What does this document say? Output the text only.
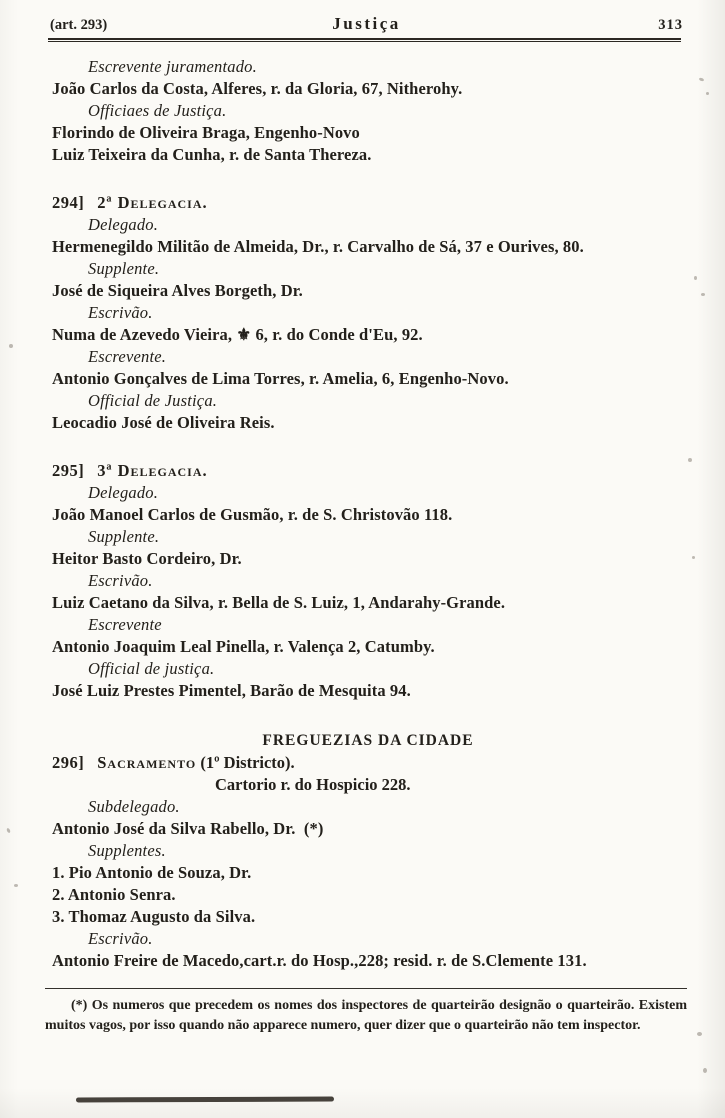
(art. 293)	Justiça	313
Escrevente juramentado.
João Carlos da Costa, Alferes, r. da Gloria, 67, Nitherohy.
Officiaes de Justiça.
Florindo de Oliveira Braga, Engenho-Novo
Luiz Teixeira da Cunha, r. de Santa Thereza.
294] 2ª Delegacia.
Delegado.
Hermenegildo Militão de Almeida, Dr., r. Carvalho de Sá, 37 e Ourives, 80.
Supplente.
José de Siqueira Alves Borgeth, Dr.
Escrivão.
Numa de Azevedo Vieira, ⚜ 6, r. do Conde d'Eu, 92.
Escrevente.
Antonio Gonçalves de Lima Torres, r. Amelia, 6, Engenho-Novo.
Official de Justiça.
Leocadio José de Oliveira Reis.
295] 3ª Delegacia.
Delegado.
João Manoel Carlos de Gusmão, r. de S. Christovão 118.
Supplente.
Heitor Basto Cordeiro, Dr.
Escrivão.
Luiz Caetano da Silva, r. Bella de S. Luiz, 1, Andarahy-Grande.
Escrevente
Antonio Joaquim Leal Pinella, r. Valença 2, Catumby.
Official de justiça.
José Luiz Prestes Pimentel, Barão de Mesquita 94.
FREGUEZIAS DA CIDADE
296] Sacramento (1º Districto).
Cartorio r. do Hospicio 228.
Subdelegado.
Antonio José da Silva Rabello, Dr.  (*)
Supplentes.
1. Pio Antonio de Souza, Dr.
2. Antonio Senra.
3. Thomaz Augusto da Silva.
Escrivão.
Antonio Freire de Macedo,cart.r. do Hosp.,228; resid. r. de S.Clemente 131.
(*) Os numeros que precedem os nomes dos inspectores de quarteirão designão o quarteirão. Existem muitos vagos, por isso quando não apparece numero, quer dizer que o quarteirão não tem inspector.
